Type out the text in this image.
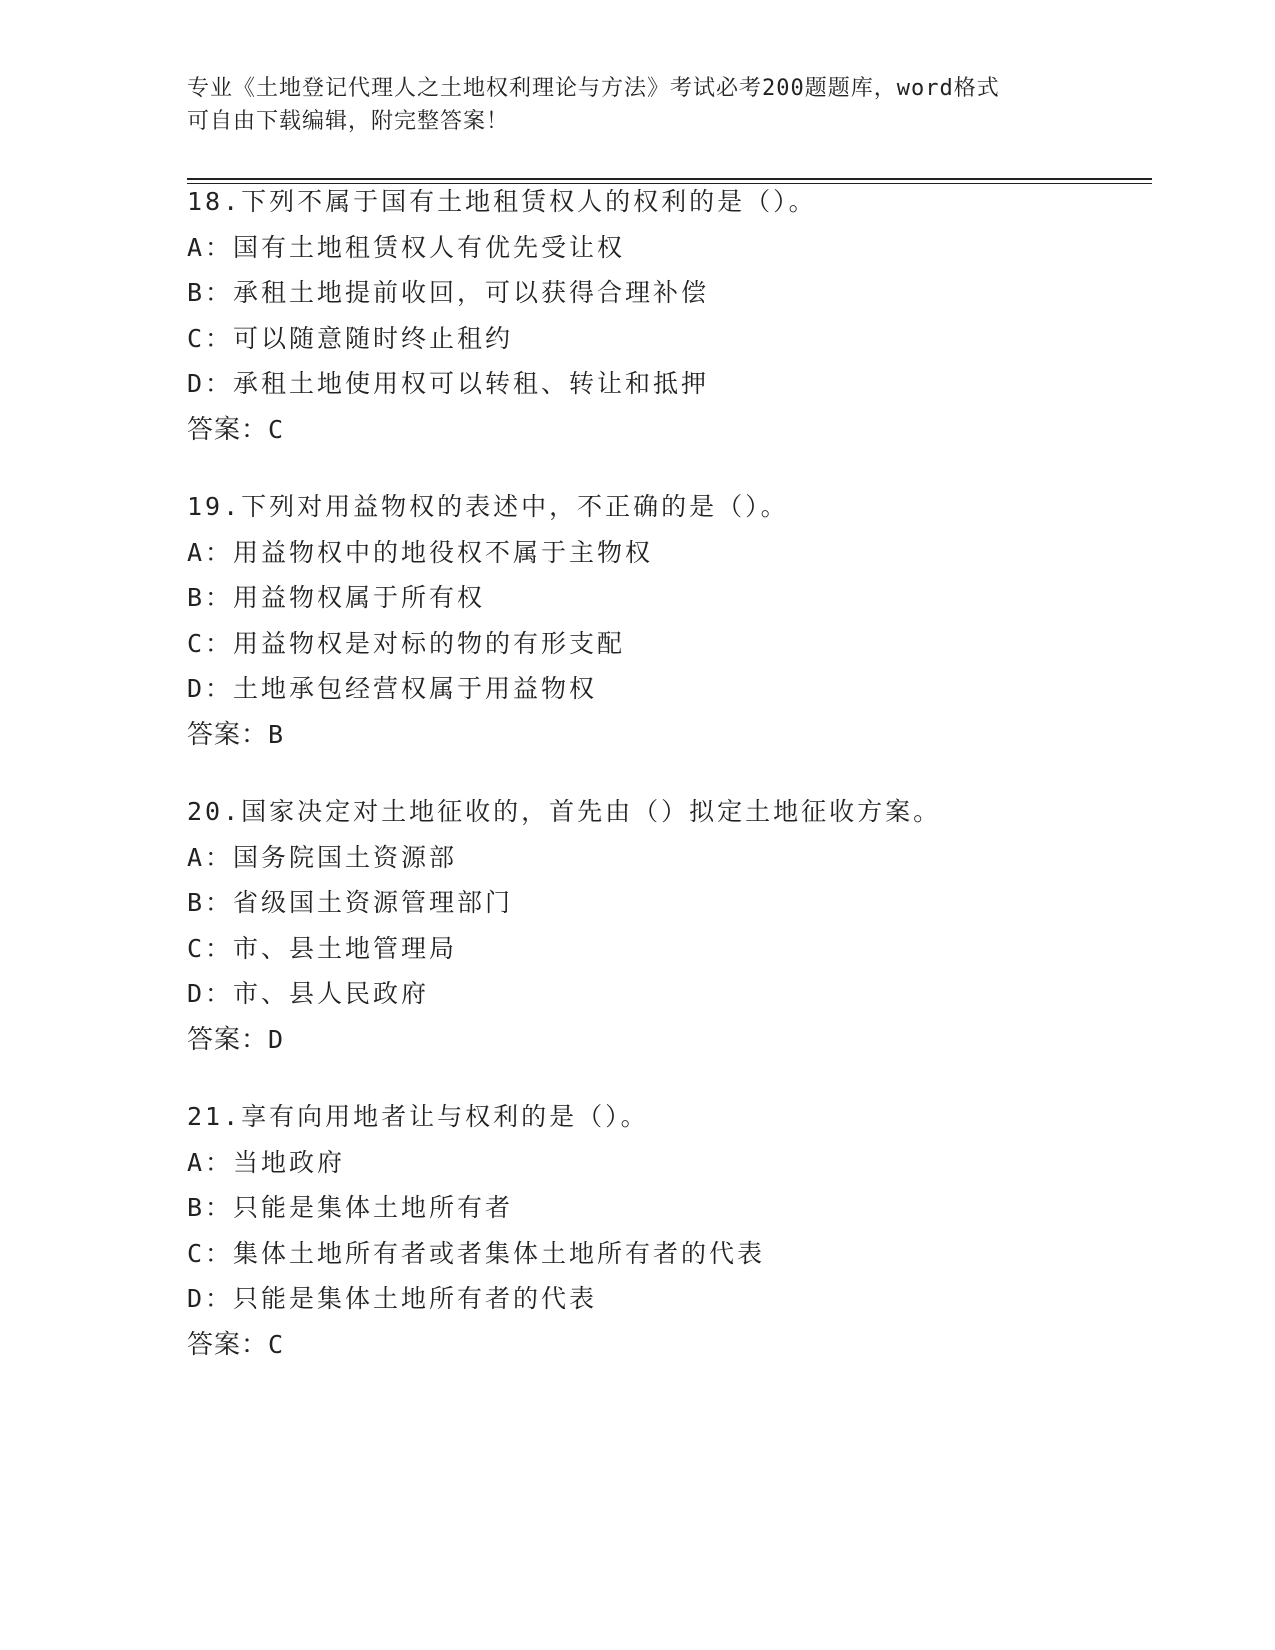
专业《土地登记代理人之土地权利理论与方法》考试必考200题题库，word格式
可自由下载编辑，附完整答案！
18.下列不属于国有土地租赁权人的权利的是（）。
A：国有土地租赁权人有优先受让权
B：承租土地提前收回，可以获得合理补偿
C：可以随意随时终止租约
D：承租土地使用权可以转租、转让和抵押
答案：C
19.下列对用益物权的表述中，不正确的是（）。
A：用益物权中的地役权不属于主物权
B：用益物权属于所有权
C：用益物权是对标的物的有形支配
D：土地承包经营权属于用益物权
答案：B
20.国家决定对土地征收的，首先由（）拟定土地征收方案。
A：国务院国土资源部
B：省级国土资源管理部门
C：市、县土地管理局
D：市、县人民政府
答案：D
21.享有向用地者让与权利的是（）。
A：当地政府
B：只能是集体土地所有者
C：集体土地所有者或者集体土地所有者的代表
D：只能是集体土地所有者的代表
答案：C
